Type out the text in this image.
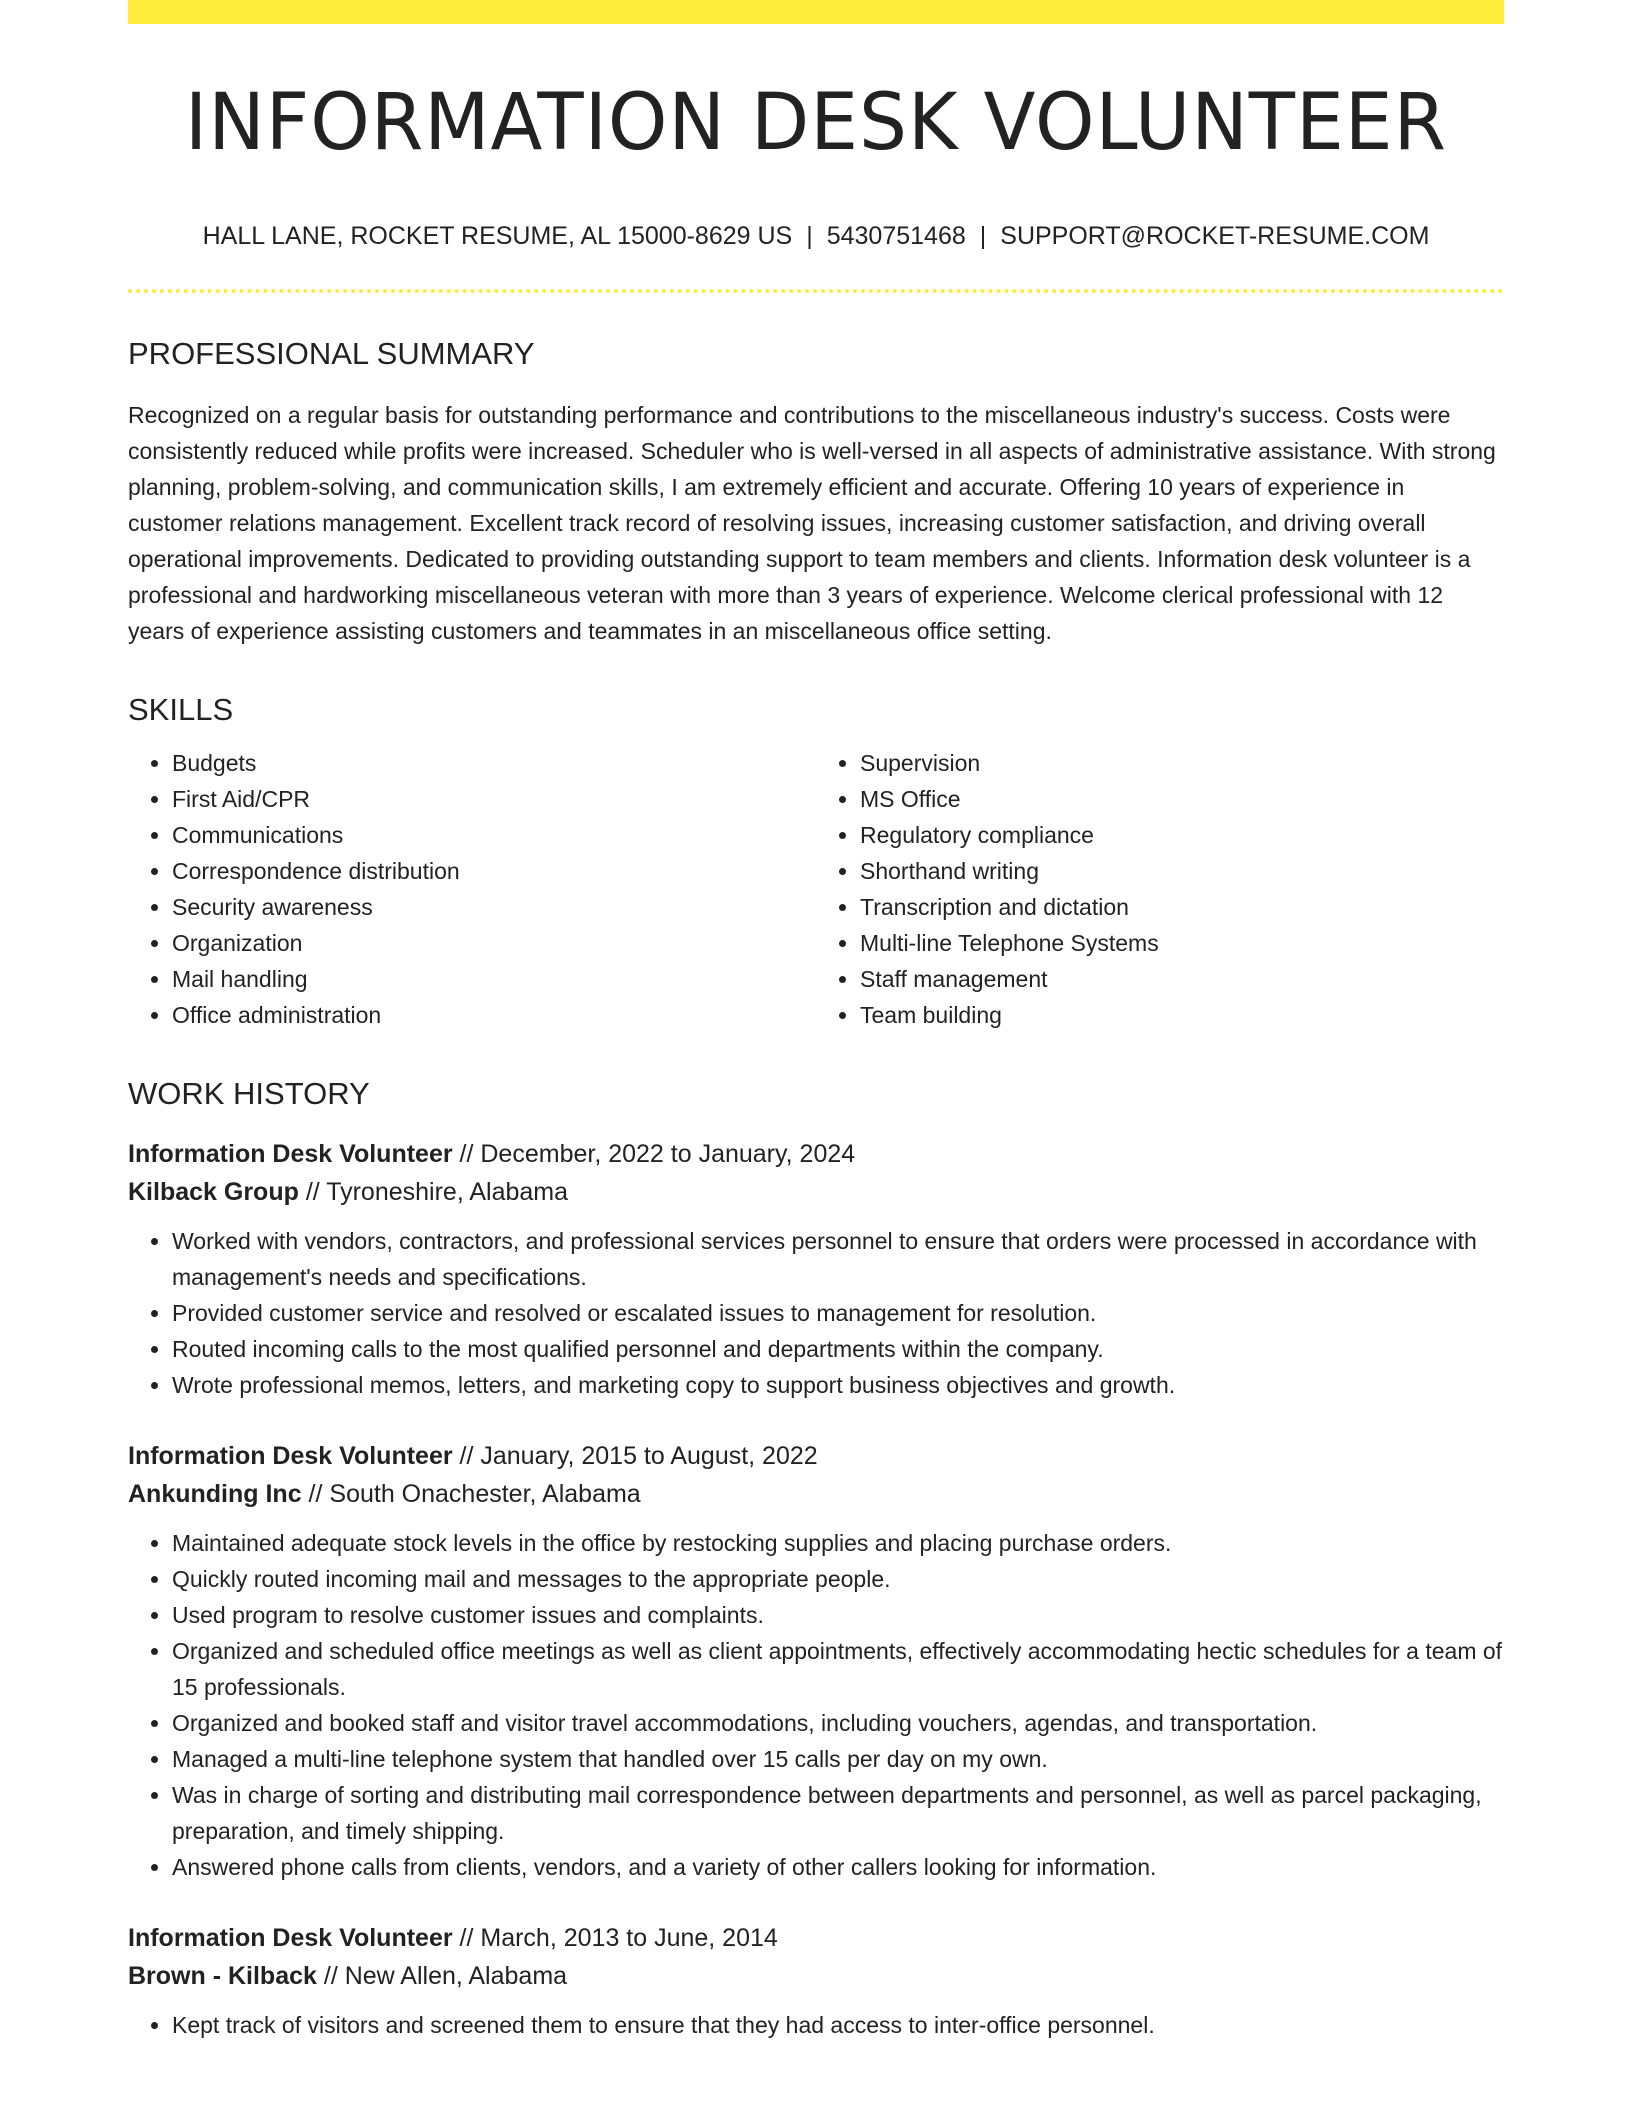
INFORMATION DESK VOLUNTEER
HALL LANE, ROCKET RESUME, AL 15000-8629 US | 5430751468 | SUPPORT@ROCKET-RESUME.COM
PROFESSIONAL SUMMARY
Recognized on a regular basis for outstanding performance and contributions to the miscellaneous industry's success. Costs were consistently reduced while profits were increased. Scheduler who is well-versed in all aspects of administrative assistance. With strong planning, problem-solving, and communication skills, I am extremely efficient and accurate. Offering 10 years of experience in customer relations management. Excellent track record of resolving issues, increasing customer satisfaction, and driving overall operational improvements. Dedicated to providing outstanding support to team members and clients. Information desk volunteer is a professional and hardworking miscellaneous veteran with more than 3 years of experience. Welcome clerical professional with 12 years of experience assisting customers and teammates in an miscellaneous office setting.
SKILLS
• Budgets
• First Aid/CPR
• Communications
• Correspondence distribution
• Security awareness
• Organization
• Mail handling
• Office administration
• Supervision
• MS Office
• Regulatory compliance
• Shorthand writing
• Transcription and dictation
• Multi-line Telephone Systems
• Staff management
• Team building
WORK HISTORY
Information Desk Volunteer // December, 2022 to January, 2024
Kilback Group // Tyroneshire, Alabama
• Worked with vendors, contractors, and professional services personnel to ensure that orders were processed in accordance with management's needs and specifications.
• Provided customer service and resolved or escalated issues to management for resolution.
• Routed incoming calls to the most qualified personnel and departments within the company.
• Wrote professional memos, letters, and marketing copy to support business objectives and growth.
Information Desk Volunteer // January, 2015 to August, 2022
Ankunding Inc // South Onachester, Alabama
• Maintained adequate stock levels in the office by restocking supplies and placing purchase orders.
• Quickly routed incoming mail and messages to the appropriate people.
• Used program to resolve customer issues and complaints.
• Organized and scheduled office meetings as well as client appointments, effectively accommodating hectic schedules for a team of 15 professionals.
• Organized and booked staff and visitor travel accommodations, including vouchers, agendas, and transportation.
• Managed a multi-line telephone system that handled over 15 calls per day on my own.
• Was in charge of sorting and distributing mail correspondence between departments and personnel, as well as parcel packaging, preparation, and timely shipping.
• Answered phone calls from clients, vendors, and a variety of other callers looking for information.
Information Desk Volunteer // March, 2013 to June, 2014
Brown - Kilback // New Allen, Alabama
• Kept track of visitors and screened them to ensure that they had access to inter-office personnel.
